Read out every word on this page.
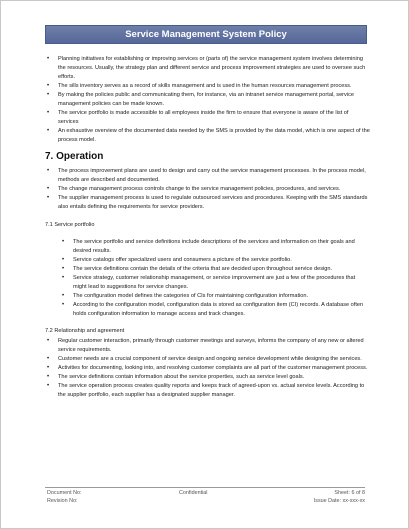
Service Management System Policy
• Planning initiatives for establishing or improving services or (parts of) the service management system involves determining the resources. Usually, the strategy plan and different service and process improvement strategies are used to oversee such efforts.
• The sills inventory serves as a record of skills management and is used in the human resources management process.
• By making the policies public and communicating them, for instance, via an intranet service management portal, service management policies can be made known.
• The service portfolio is made accessible to all employees inside the firm to ensure that everyone is aware of the list of services
• An exhaustive overview of the documented data needed by the SMS is provided by the data model, which is one aspect of the process model.
7. Operation
• The process improvement plans are used to design and carry out the service management processes. In the process model, methods are described and documented.
• The change management process controls change to the service management policies, procedures, and services.
• The supplier management process is used to regulate outsourced services and procedures. Keeping with the SMS standards also entails defining the requirements for service providers.
7.1 Service portfolio
• The service portfolio and service definitions include descriptions of the services and information on their goals and desired results.
• Service catalogs offer specialized users and consumers a picture of the service portfolio.
• The service definitions contain the details of the criteria that are decided upon throughout service design.
• Service strategy, customer relationship management, or service improvement are just a few of the procedures that might lead to suggestions for service changes.
• The configuration model defines the categories of CIs for maintaining configuration information.
• According to the configuration model, configuration data is stored as configuration item (CI) records. A database often holds configuration information to manage access and track changes.
7.2 Relationship and agreement
• Regular customer interaction, primarily through customer meetings and surveys, informs the company of any new or altered service requirements.
• Customer needs are a crucial component of service design and ongoing service development while designing the services.
• Activities for documenting, looking into, and resolving customer complaints are all part of the customer management process.
• The service definitions contain information about the service properties, such as service level goals.
• The service operation process creates quality reports and keeps track of agreed-upon vs. actual service levels. According to the supplier portfolio, each supplier has a designated supplier manager.
Document No:
Revision No:
Confidential	Sheet: 6 of 8
Issue Date: xx-xxx-xx
